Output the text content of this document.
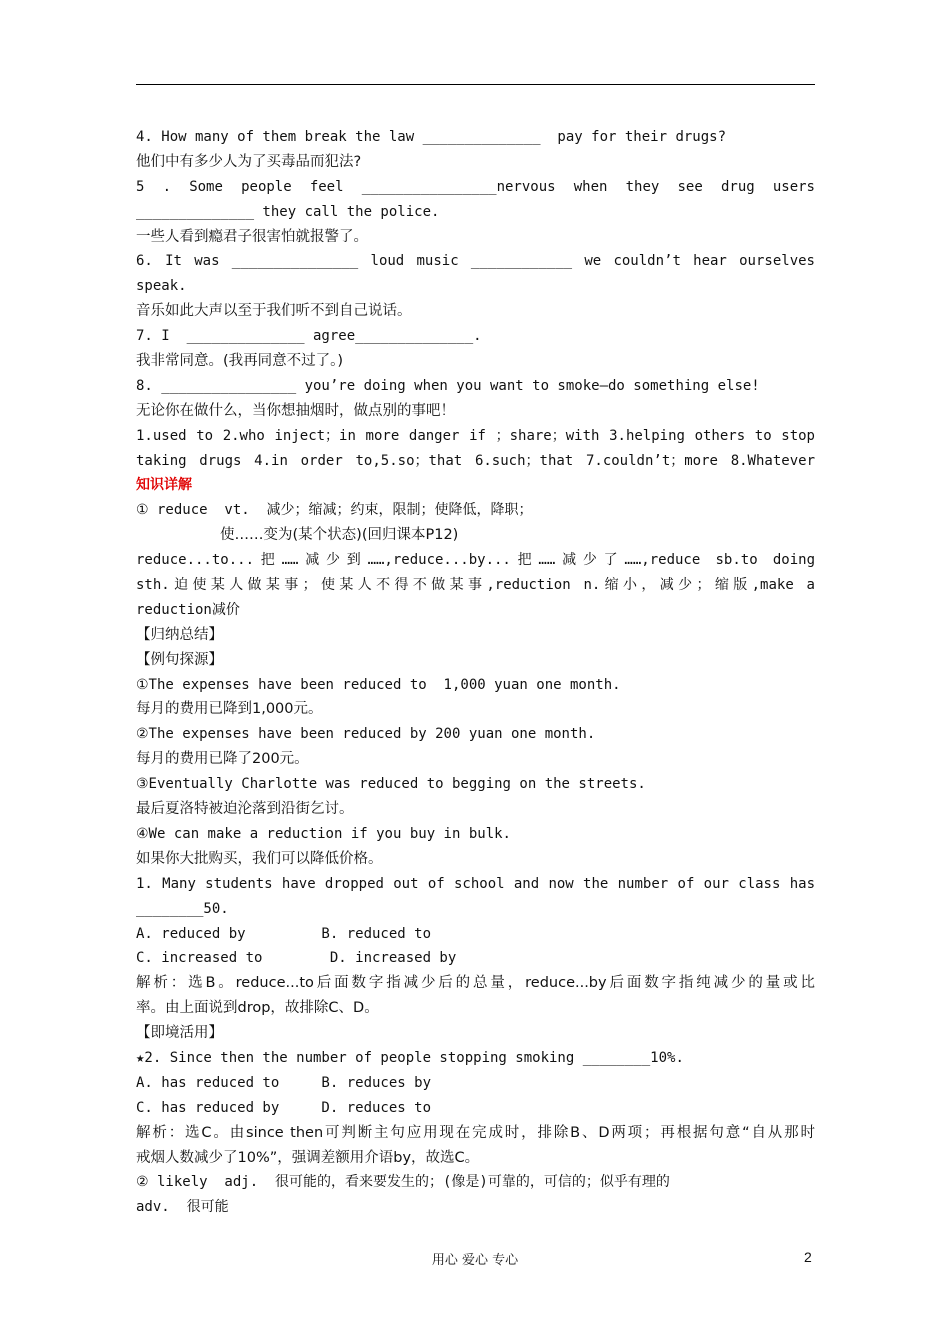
4. How many of them break the law ______________  pay for their drugs?
他们中有多少人为了买毒品而犯法?
5 . Some people feel ________________nervous when they see drug users
______________ they call the police.
一些人看到瘾君子很害怕就报警了。
6. It was _______________ loud music ____________ we couldn’t hear ourselves
speak.
音乐如此大声以至于我们听不到自己说话。
7. I  ______________ agree______________.
我非常同意。(我再同意不过了。)
8. ________________ you’re doing when you want to smoke—do something else!
无论你在做什么，当你想抽烟时，做点别的事吧！
1.used to 2.who inject；in more danger if ；share；with 3.helping others to stop
taking drugs 4.in order to,5.so；that 6.such；that 7.couldn’t；more 8.Whatever
知识详解
① reduce  vt.  减少；缩减；约束，限制；使降低，降职；
使……变为(某个状态)(回归课本P12)
reduce...to...把……减少到……,reduce...by...把……减少了……,reduce sb.to doing
sth.迫使某人做某事；使某人不得不做某事,reduction n.缩小，减少；缩版,make a
reduction减价
【归纳总结】
【例句探源】
①The expenses have been reduced to  1,000 yuan one month.
每月的费用已降到1,000元。
②The expenses have been reduced by 200 yuan one month.
每月的费用已降了200元。
③Eventually Charlotte was reduced to begging on the streets.
最后夏洛特被迫沦落到沿街乞讨。
④We can make a reduction if you buy in bulk.
如果你大批购买，我们可以降低价格。
1. Many students have dropped out of school and now the number of our class has
________50.
A. reduced by         B. reduced to
C. increased to        D. increased by
解析：选B。reduce...to后面数字指减少后的总量，reduce...by后面数字指纯减少的量或比
率。由上面说到drop，故排除C、D。
【即境活用】
★2. Since then the number of people stopping smoking ________10%.
A. has reduced to     B. reduces by
C. has reduced by     D. reduces to
解析：选C。由since then可判断主句应用现在完成时，排除B、D两项；再根据句意“自从那时
戒烟人数减少了10%”，强调差额用介语by，故选C。
② likely  adj.  很可能的，看来要发生的；(像是)可靠的，可信的；似乎有理的
adv.  很可能
用心 爱心 专心	2
